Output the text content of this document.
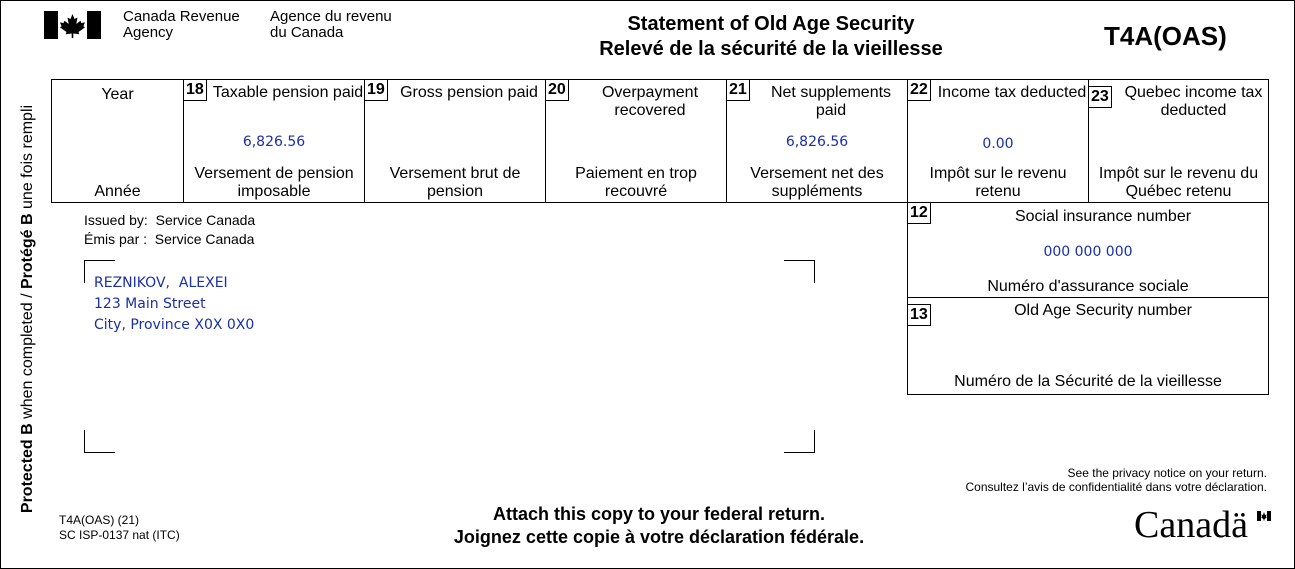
Canada Revenue
Agency
Agence du revenu
du Canada	Statement of Old Age Security
Relevé de la sécurité de la vieillesse	T4A(OAS)
Protected B when completed / Protégé B une fois rempli
Year
Année
18 Taxable pension paid
6,826.56
Versement de pension imposable
19 Gross pension paid
Versement brut de pension
20	Overpayment recovered
Paiement en trop recouvré
21	Net supplements paid
6,826.56
Versement net des suppléments
22 Income tax deducted
0.00
Impôt sur le revenu retenu
23 Quebec income tax deducted
Impôt sur le revenu du Québec retenu
12	Social insurance number
000 000 000
Numéro d'assurance sociale
13	Old Age Security number
Numéro de la Sécurité de la vieillesse
Issued by: Service Canada
Émis par : Service Canada
REZNIKOV,  ALEXEI
123 Main Street
City, Province X0X 0X0
See the privacy notice on your return.
Consultez l’avis de confidentialité dans votre déclaration.
Attach this copy to your federal return.
Joignez cette copie à votre déclaration fédérale.
T4A(OAS) (21)
SC ISP-0137 nat (ITC)	Canadä
